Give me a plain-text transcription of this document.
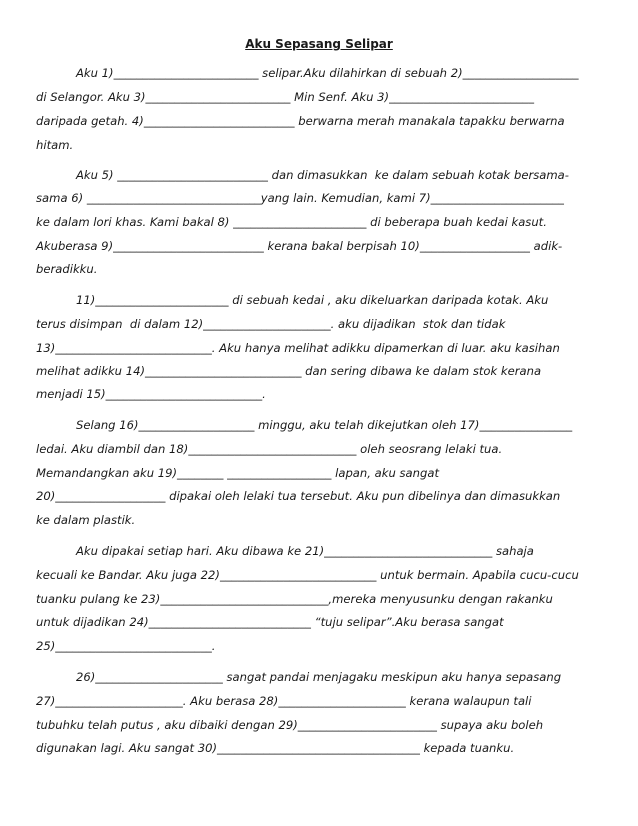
Aku Sepasang Selipar
Aku 1)_________________________ selipar.Aku dilahirkan di sebuah 2)____________________
di Selangor. Aku 3)_________________________ Min Senf. Aku 3)_________________________
daripada getah. 4)__________________________ berwarna merah manakala tapakku berwarna
hitam.
Aku 5) __________________________ dan dimasukkan  ke dalam sebuah kotak bersama-
sama 6) ______________________________yang lain. Kemudian, kami 7)_______________________
ke dalam lori khas. Kami bakal 8) _______________________ di beberapa buah kedai kasut.
Akuberasa 9)__________________________ kerana bakal berpisah 10)___________________ adik-
beradikku.
11)_______________________ di sebuah kedai , aku dikeluarkan daripada kotak. Aku
terus disimpan  di dalam 12)______________________. aku dijadikan  stok dan tidak
13)___________________________. Aku hanya melihat adikku dipamerkan di luar. aku kasihan
melihat adikku 14)___________________________ dan sering dibawa ke dalam stok kerana
menjadi 15)___________________________.
Selang 16)____________________ minggu, aku telah dikejutkan oleh 17)________________
ledai. Aku diambil dan 18)_____________________________ oleh seosrang lelaki tua.
Memandangkan aku 19)________ __________________ lapan, aku sangat
20)___________________ dipakai oleh lelaki tua tersebut. Aku pun dibelinya dan dimasukkan
ke dalam plastik.
Aku dipakai setiap hari. Aku dibawa ke 21)_____________________________ sahaja
kecuali ke Bandar. Aku juga 22)___________________________ untuk bermain. Apabila cucu-cucu
tuanku pulang ke 23)_____________________________,mereka menyusunku dengan rakanku
untuk dijadikan 24)____________________________ “tuju selipar”.Aku berasa sangat
25)___________________________.
26)______________________ sangat pandai menjagaku meskipun aku hanya sepasang
27)______________________. Aku berasa 28)______________________ kerana walaupun tali
tubuhku telah putus , aku dibaiki dengan 29)________________________ supaya aku boleh
digunakan lagi. Aku sangat 30)___________________________________ kepada tuanku.
